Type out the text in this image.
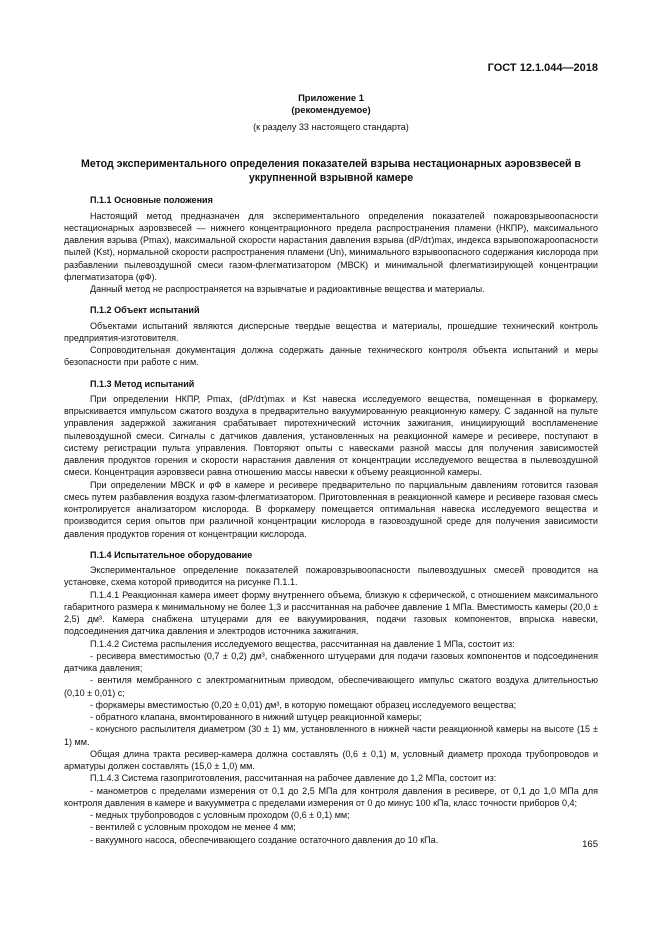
ГОСТ 12.1.044—2018
Приложение 1
(рекомендуемое)
(к разделу 33 настоящего стандарта)
Метод экспериментального определения показателей взрыва нестационарных аэровзвесей в укрупненной взрывной камере
П.1.1 Основные положения

Настоящий метод предназначен для экспериментального определения показателей пожаровзрывоопасности нестационарных аэровзвесей — нижнего концентрационного предела распространения пламени (НКПР), максимального давления взрыва (Pmax), максимальной скорости нарастания давления взрыва (dP/dτ)max, индекса взрывопожароопасности пылей (Kst), нормальной скорости распространения пламени (Un), минимального взрывоопасного содержания кислорода при разбавлении пылевоздушной смеси газом-флегматизатором (МВСК) и минимальной флегматизирующей концентрации флегматизатора (φФ).

Данный метод не распространяется на взрывчатые и радиоактивные вещества и материалы.

П.1.2 Объект испытаний

Объектами испытаний являются дисперсные твердые вещества и материалы, прошедшие технический контроль предприятия-изготовителя.

Сопроводительная документация должна содержать данные технического контроля объекта испытаний и меры безопасности при работе с ним.

П.1.3 Метод испытаний

При определении НКПР, Pmax, (dP/dτ)max и Kst навеска исследуемого вещества, помещенная в форкамеру, впрыскивается импульсом сжатого воздуха в предварительно вакуумированную реакционную камеру. С заданной на пульте управления задержкой зажигания срабатывает пиротехнический источник зажигания, инициирующий воспламенение пылевоздушной смеси. Сигналы с датчиков давления, установленных на реакционной камере и ресивере, поступают в систему регистрации пульта управления. Повторяют опыты с навесками разной массы для получения зависимостей давления продуктов горения и скорости нарастания давления от концентрации исследуемого вещества в пылевоздушной смеси. Концентрация аэровзвеси равна отношению массы навески к объему реакционной камеры.

При определении МВСК и φФ в камере и ресивере предварительно по парциальным давлениям готовится газовая смесь путем разбавления воздуха газом-флегматизатором. Приготовленная в реакционной камере и ресивере газовая смесь контролируется анализатором кислорода. В форкамеру помещается оптимальная навеска исследуемого вещества и производится серия опытов при различной концентрации кислорода в газовоздушной среде для получения зависимости давления продуктов горения от концентрации кислорода.

П.1.4 Испытательное оборудование

Экспериментальное определение показателей пожаровзрывоопасности пылевоздушных смесей проводится на установке, схема которой приводится на рисунке П.1.1.

П.1.4.1 Реакционная камера имеет форму внутреннего объема, близкую к сферической, с отношением максимального габаритного размера к минимальному не более 1,3 и рассчитанная на рабочее давление 1 МПа. Вместимость камеры (20,0 ± 2,5) дм³. Камера снабжена штуцерами для ее вакуумирования, подачи газовых компонентов, впрыска навески, подсоединения датчика давления и электродов источника зажигания.

П.1.4.2 Система распыления исследуемого вещества, рассчитанная на давление 1 МПа, состоит из:

- ресивера вместимостью (0,7 ± 0,2) дм³, снабженного штуцерами для подачи газовых компонентов и подсоединения датчика давления;

- вентиля мембранного с электромагнитным приводом, обеспечивающего импульс сжатого воздуха длительностью (0,10 ± 0,01) с;

- форкамеры вместимостью (0,20 ± 0,01) дм³, в которую помещают образец исследуемого вещества;

- обратного клапана, вмонтированного в нижний штуцер реакционной камеры;

- конусного распылителя диаметром (30 ± 1) мм, установленного в нижней части реакционной камеры на высоте (15 ± 1) мм.

Общая длина тракта ресивер-камера должна составлять (0,6 ± 0,1) м, условный диаметр прохода трубопроводов и арматуры должен составлять (15,0 ± 1,0) мм.

П.1.4.3 Система газоприготовления, рассчитанная на рабочее давление до 1,2 МПа, состоит из:

- манометров с пределами измерения от 0,1 до 2,5 МПа для контроля давления в ресивере, от 0,1 до 1,0 МПа для контроля давления в камере и вакуумметра с пределами измерения от 0 до минус 100 кПа, класс точности приборов 0,4;

- медных трубопроводов с условным проходом (0,6 ± 0,1) мм;

- вентилей с условным проходом не менее 4 мм;

- вакуумного насоса, обеспечивающего создание остаточного давления до 10 кПа.	165
